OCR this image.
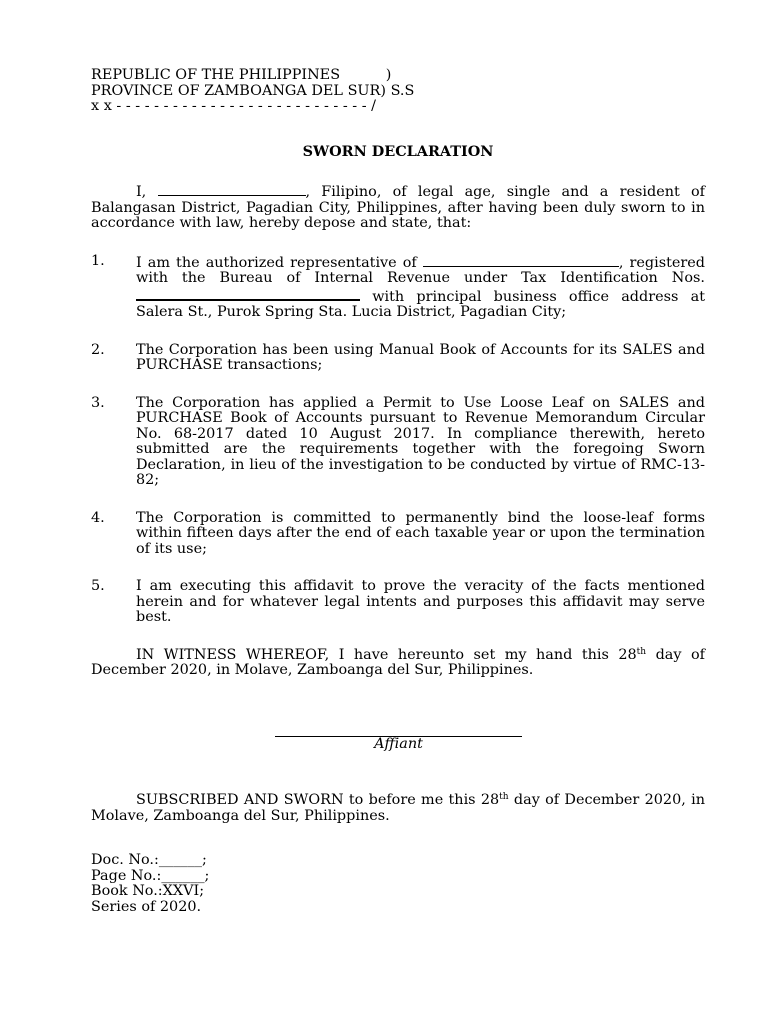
REPUBLIC OF THE PHILIPPINES          )
PROVINCE OF ZAMBOANGA DEL SUR) S.S
x x - - - - - - - - - - - - - - - - - - - - - - - - - - - /
SWORN DECLARATION
I,	, Filipino, of legal age, single and a resident of Balangasan District, Pagadian City, Philippines, after having been duly sworn to in accordance with law, hereby depose and state, that:
1.	I am the authorized representative of	, registered with the Bureau of Internal Revenue under Tax Identification Nos.  with principal business office address at Salera St., Purok Spring Sta. Lucia District, Pagadian City;
2.	The Corporation has been using Manual Book of Accounts for its SALES and PURCHASE transactions;
3.	The Corporation has applied a Permit to Use Loose Leaf on SALES and PURCHASE Book of Accounts pursuant to Revenue Memorandum Circular No. 68-2017 dated 10 August 2017. In compliance therewith, hereto submitted are the requirements together with the foregoing Sworn Declaration, in lieu of the investigation to be conducted by virtue of RMC-13-82;
4.	The Corporation is committed to permanently bind the loose-leaf forms within fifteen days after the end of each taxable year or upon the termination of its use;
5.	I am executing this affidavit to prove the veracity of the facts mentioned herein and for whatever legal intents and purposes this affidavit may serve best.
IN WITNESS WHEREOF, I have hereunto set my hand this 28th day of December 2020, in Molave, Zamboanga del Sur, Philippines.
Affiant
SUBSCRIBED AND SWORN to before me this 28th day of December 2020, in Molave, Zamboanga del Sur, Philippines.
Doc. No.:______;
Page No.:______;
Book No.:XXVI;
Series of 2020.
